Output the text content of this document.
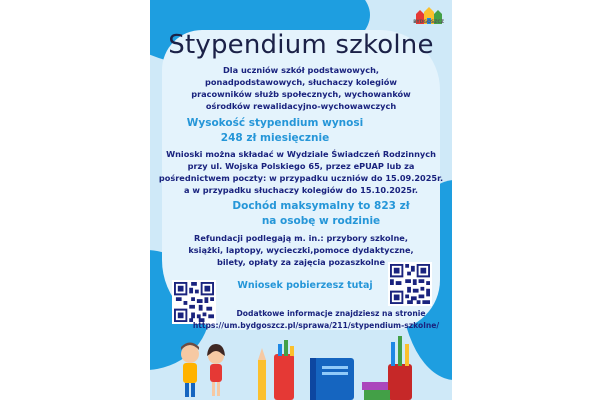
BYDGOSZCZ
Stypendium szkolne
Dla uczniów szkół podstawowych,
ponadpodstawowych, słuchaczy kolegiów
pracowników służb społecznych, wychowanków
ośrodków rewalidacyjno-wychowawczych
Wysokość stypendium wynosi
248 zł miesięcznie
Wnioski można składać w Wydziale Świadczeń Rodzinnych
przy ul. Wojska Polskiego 65, przez ePUAP lub za
pośrednictwem poczty: w przypadku uczniów do 15.09.2025r.
a w przypadku słuchaczy kolegiów do 15.10.2025r.
Dochód maksymalny to 823 zł
na osobę w rodzinie
Refundacji podlegają m. in.: przybory szkolne,
książki, laptopy, wycieczki,pomoce dydaktyczne,
bilety, opłaty za zajęcia pozaszkolne
Wniosek pobierzesz tutaj
Dodatkowe informacje znajdziesz na stronie
https://um.bydgoszcz.pl/sprawa/211/stypendium-szkolne/
